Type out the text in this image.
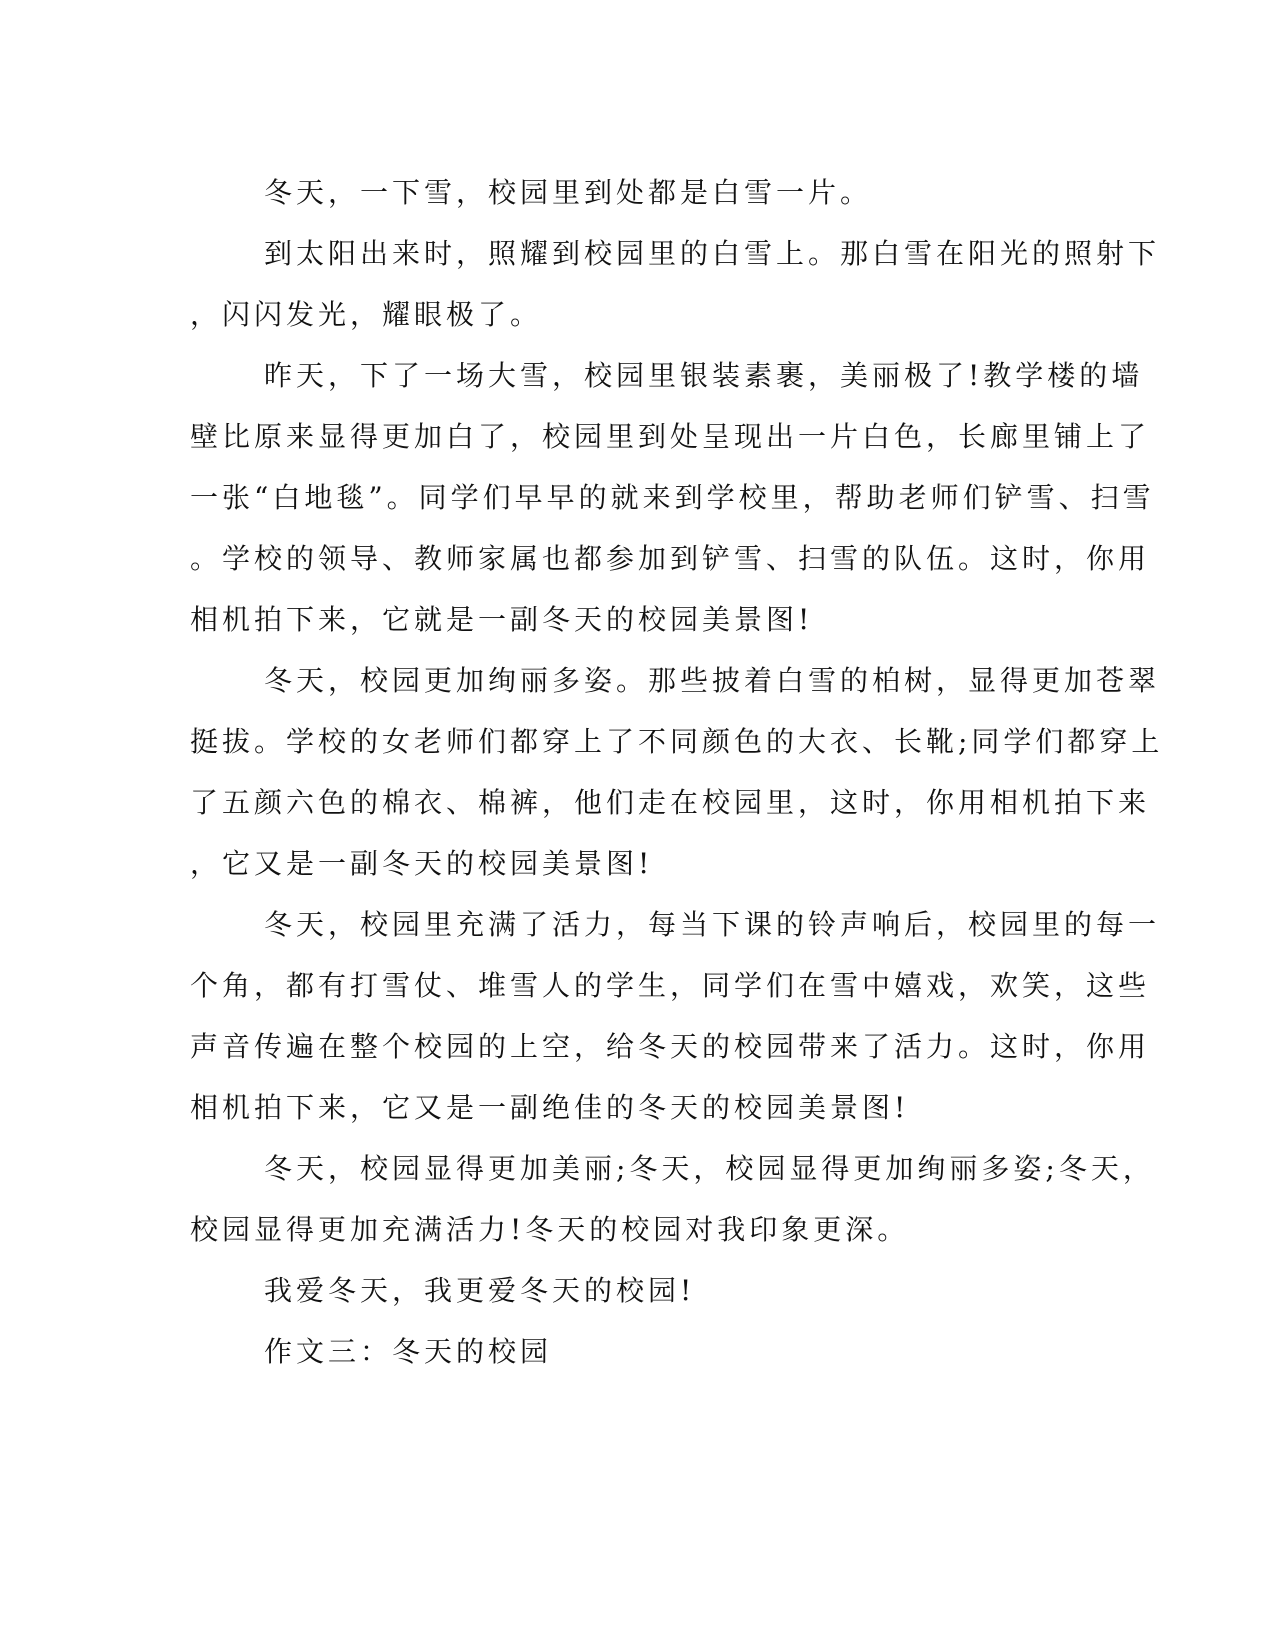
冬天，一下雪，校园里到处都是白雪一片。

到太阳出来时，照耀到校园里的白雪上。那白雪在阳光的照射下
，闪闪发光，耀眼极了。

昨天，下了一场大雪，校园里银装素裹，美丽极了!教学楼的墙
壁比原来显得更加白了，校园里到处呈现出一片白色，长廊里铺上了
一张“白地毯”。同学们早早的就来到学校里，帮助老师们铲雪、扫雪
。学校的领导、教师家属也都参加到铲雪、扫雪的队伍。这时，你用
相机拍下来，它就是一副冬天的校园美景图!

冬天，校园更加绚丽多姿。那些披着白雪的柏树，显得更加苍翠
挺拔。学校的女老师们都穿上了不同颜色的大衣、长靴;同学们都穿上
了五颜六色的棉衣、棉裤，他们走在校园里，这时，你用相机拍下来
，它又是一副冬天的校园美景图!

冬天，校园里充满了活力，每当下课的铃声响后，校园里的每一
个角，都有打雪仗、堆雪人的学生，同学们在雪中嬉戏，欢笑，这些
声音传遍在整个校园的上空，给冬天的校园带来了活力。这时，你用
相机拍下来，它又是一副绝佳的冬天的校园美景图!

冬天，校园显得更加美丽;冬天，校园显得更加绚丽多姿;冬天，
校园显得更加充满活力!冬天的校园对我印象更深。

我爱冬天，我更爱冬天的校园!

作文三：冬天的校园
